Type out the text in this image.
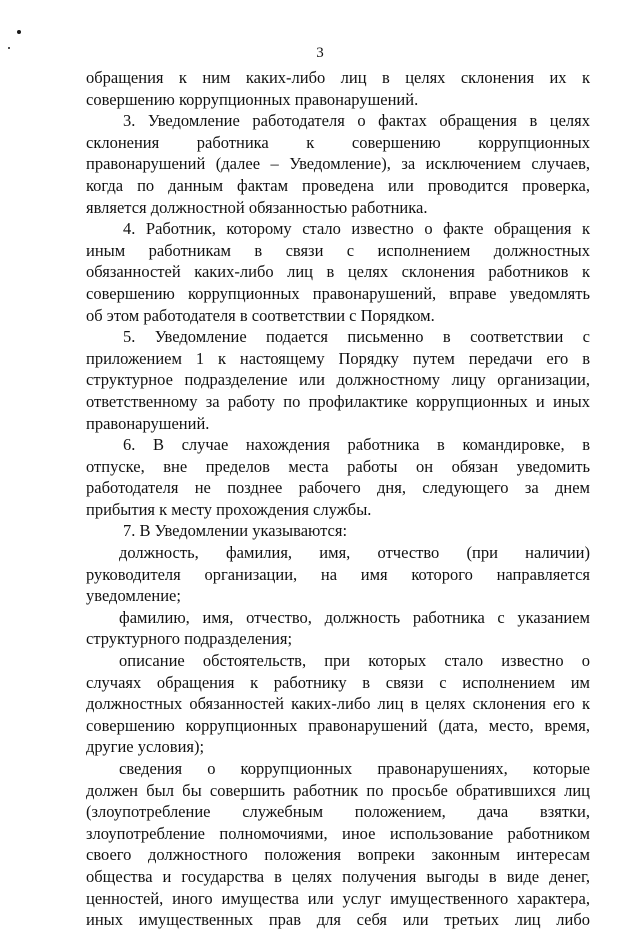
3
обращения к ним каких-либо лиц в целях склонения их к
совершению коррупционных правонарушений.
3. Уведомление работодателя о фактах обращения в целях
склонения работника к совершению коррупционных
правонарушений (далее – Уведомление), за исключением случаев,
когда по данным фактам проведена или проводится проверка,
является должностной обязанностью работника.
4. Работник, которому стало известно о факте обращения к
иным работникам в связи с исполнением должностных
обязанностей каких-либо лиц в целях склонения работников к
совершению коррупционных правонарушений, вправе уведомлять
об этом работодателя в соответствии с Порядком.
5. Уведомление подается письменно в соответствии с
приложением 1 к настоящему Порядку путем передачи его в
структурное подразделение или должностному лицу организации,
ответственному за работу по профилактике коррупционных и иных
правонарушений.
6. В случае нахождения работника в командировке, в
отпуске, вне пределов места работы он обязан уведомить
работодателя не позднее рабочего дня, следующего за днем
прибытия к месту прохождения службы.
7. В Уведомлении указываются:
должность, фамилия, имя, отчество (при наличии)
руководителя организации, на имя которого направляется
уведомление;
фамилию, имя, отчество, должность работника с указанием
структурного подразделения;
описание обстоятельств, при которых стало известно о
случаях обращения к работнику в связи с исполнением им
должностных обязанностей каких-либо лиц в целях склонения его к
совершению коррупционных правонарушений (дата, место, время,
другие условия);
сведения о коррупционных правонарушениях, которые
должен был бы совершить работник по просьбе обратившихся лиц
(злоупотребление служебным положением, дача взятки,
злоупотребление полномочиями, иное использование работником
своего должностного положения вопреки законным интересам
общества и государства в целях получения выгоды в виде денег,
ценностей, иного имущества или услуг имущественного характера,
иных имущественных прав для себя или третьих лиц либо
